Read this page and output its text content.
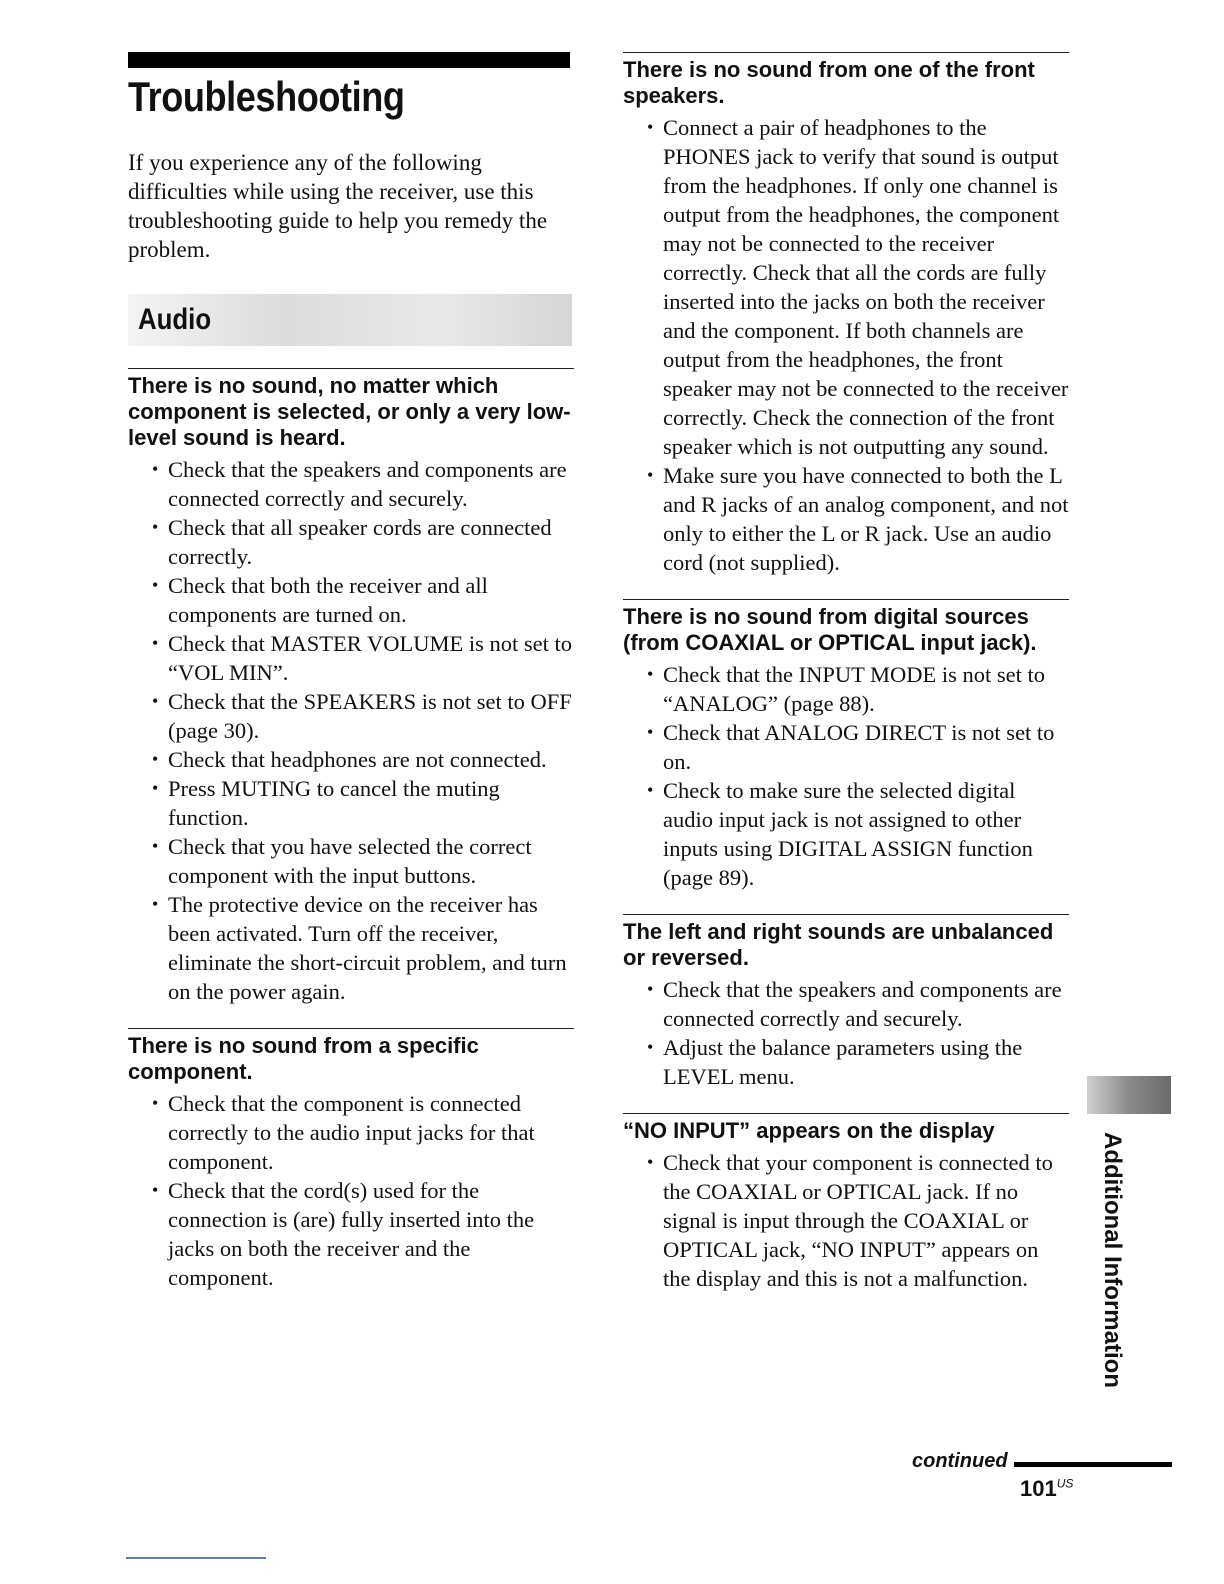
Troubleshooting

If you experience any of the following difficulties while using the receiver, use this troubleshooting guide to help you remedy the problem.

Audio
There is no sound, no matter which component is selected, or only a very low-level sound is heard.
• Check that the speakers and components are connected correctly and securely.
• Check that all speaker cords are connected correctly.
• Check that both the receiver and all components are turned on.
• Check that MASTER VOLUME is not set to “VOL MIN”.
• Check that the SPEAKERS is not set to OFF (page 30).
• Check that headphones are not connected.
• Press MUTING to cancel the muting function.
• Check that you have selected the correct component with the input buttons.
• The protective device on the receiver has been activated. Turn off the receiver, eliminate the short-circuit problem, and turn on the power again.
There is no sound from a specific component.
• Check that the component is connected correctly to the audio input jacks for that component.
• Check that the cord(s) used for the connection is (are) fully inserted into the jacks on both the receiver and the component.
There is no sound from one of the front speakers.
• Connect a pair of headphones to the PHONES jack to verify that sound is output from the headphones. If only one channel is output from the headphones, the component may not be connected to the receiver correctly. Check that all the cords are fully inserted into the jacks on both the receiver and the component. If both channels are output from the headphones, the front speaker may not be connected to the receiver correctly. Check the connection of the front speaker which is not outputting any sound.
• Make sure you have connected to both the L and R jacks of an analog component, and not only to either the L or R jack. Use an audio cord (not supplied).
There is no sound from digital sources (from COAXIAL or OPTICAL input jack).
• Check that the INPUT MODE is not set to “ANALOG” (page 88).
• Check that ANALOG DIRECT is not set to on.
• Check to make sure the selected digital audio input jack is not assigned to other inputs using DIGITAL ASSIGN function (page 89).
The left and right sounds are unbalanced or reversed.
• Check that the speakers and components are connected correctly and securely.
• Adjust the balance parameters using the LEVEL menu.
“NO INPUT” appears on the display
• Check that your component is connected to the COAXIAL or OPTICAL jack. If no signal is input through the COAXIAL or OPTICAL jack, “NO INPUT” appears on the display and this is not a malfunction.	Additional Information
continued
$101^{US}$
